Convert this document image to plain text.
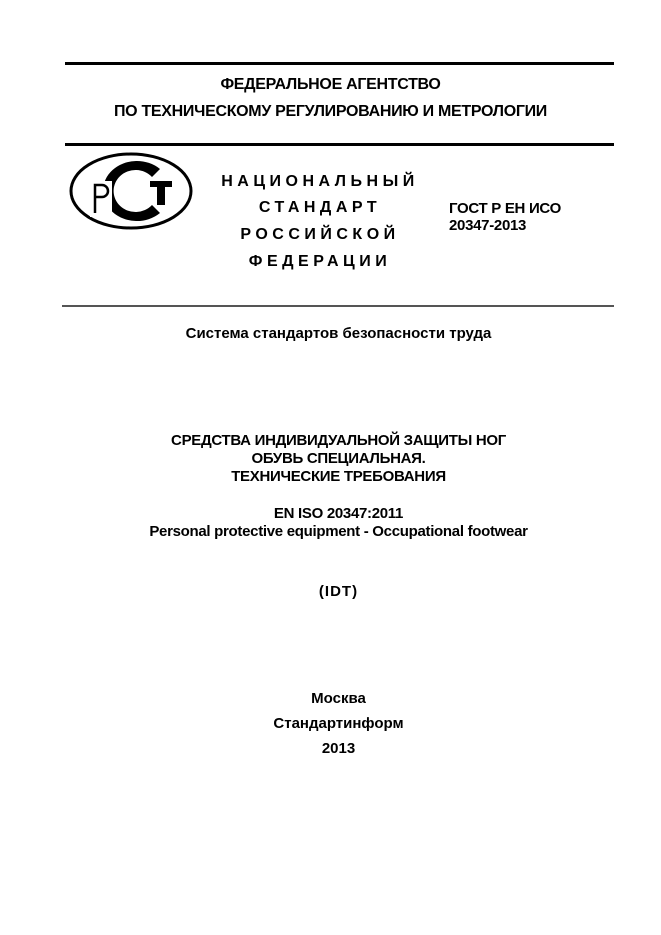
ФЕДЕРАЛЬНОЕ АГЕНТСТВО
ПО ТЕХНИЧЕСКОМУ РЕГУЛИРОВАНИЮ И МЕТРОЛОГИИ
НАЦИОНАЛЬНЫЙ
СТАНДАРТ
РОССИЙСКОЙ
ФЕДЕРАЦИИ
ГОСТ Р ЕН ИСО
20347-2013
Система стандартов безопасности труда
СРЕДСТВА ИНДИВИДУАЛЬНОЙ ЗАЩИТЫ НОГ
ОБУВЬ СПЕЦИАЛЬНАЯ.
ТЕХНИЧЕСКИЕ ТРЕБОВАНИЯ
EN ISO 20347:2011
Personal protective equipment - Occupational footwear
(IDT)
Москва
Стандартинформ
2013
